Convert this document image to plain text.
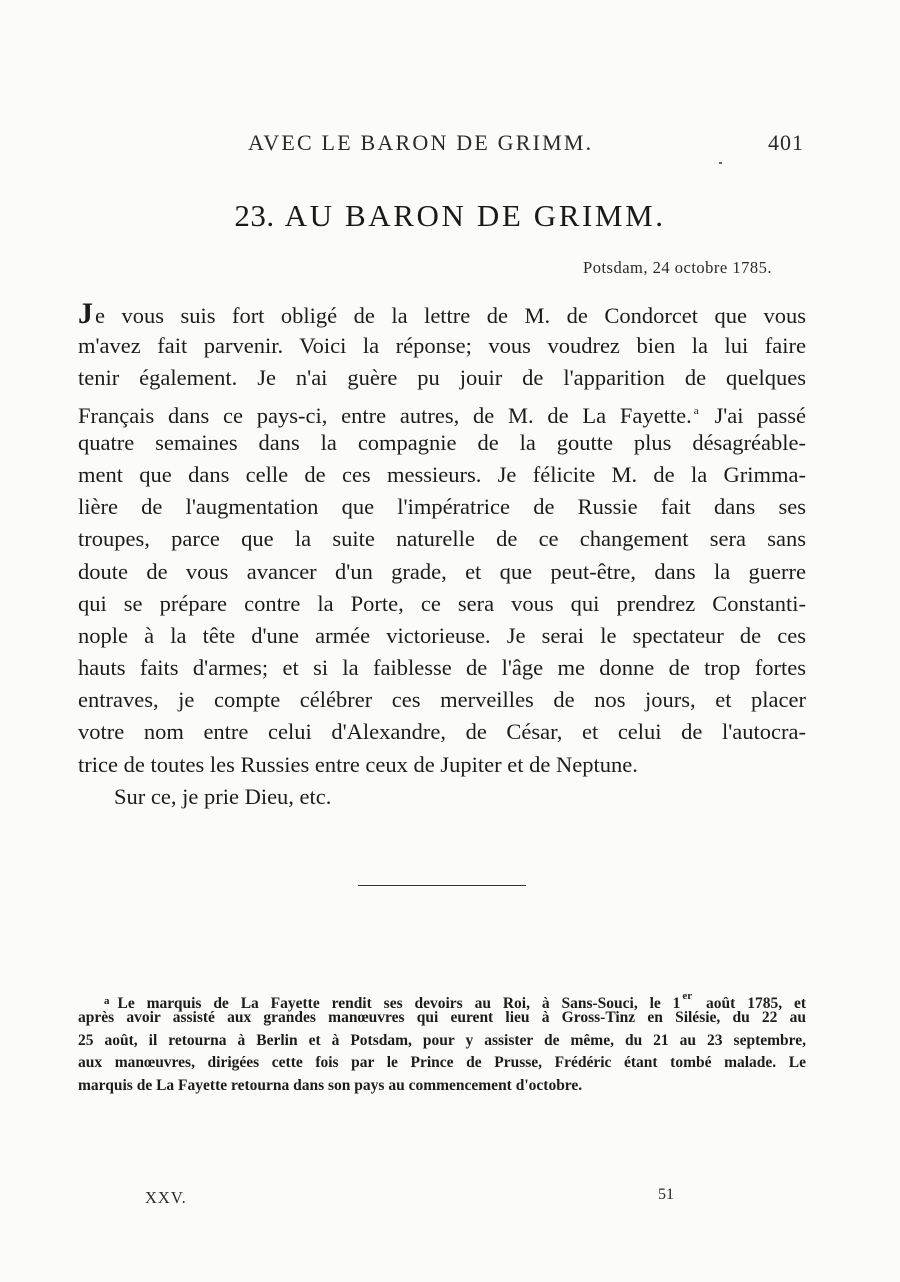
AVEC LE BARON DE GRIMM.	401
23. AU BARON DE GRIMM.
Potsdam, 24 octobre 1785.
Je vous suis fort obligé de la lettre de M. de Condorcet que vous
m'avez fait parvenir. Voici la réponse; vous voudrez bien la lui faire
tenir également. Je n'ai guère pu jouir de l'apparition de quelques
Français dans ce pays-ci, entre autres, de M. de La Fayette. $^a$ J'ai passé
quatre semaines dans la compagnie de la goutte plus désagréable-
ment que dans celle de ces messieurs. Je félicite M. de la Grimma-
lière de l'augmentation que l'impératrice de Russie fait dans ses
troupes, parce que la suite naturelle de ce changement sera sans
doute de vous avancer d'un grade, et que peut-être, dans la guerre
qui se prépare contre la Porte, ce sera vous qui prendrez Constanti-
nople à la tête d'une armée victorieuse. Je serai le spectateur de ces
hauts faits d'armes; et si la faiblesse de l'âge me donne de trop fortes
entraves, je compte célébrer ces merveilles de nos jours, et placer
votre nom entre celui d'Alexandre, de César, et celui de l'autocra-
trice de toutes les Russies entre ceux de Jupiter et de Neptune.
Sur ce, je prie Dieu, etc.
$^a$ Le marquis de La Fayette rendit ses devoirs au Roi, à Sans-Souci, le 1 $^{er}$ août 1785, et
après avoir assisté aux grandes manœuvres qui eurent lieu à Gross-Tinz en Silésie, du 22 au
25 août, il retourna à Berlin et à Potsdam, pour y assister de même, du 21 au 23 septembre,
aux manœuvres, dirigées cette fois par le Prince de Prusse, Frédéric étant tombé malade. Le
marquis de La Fayette retourna dans son pays au commencement d'octobre.
XXV.	51
